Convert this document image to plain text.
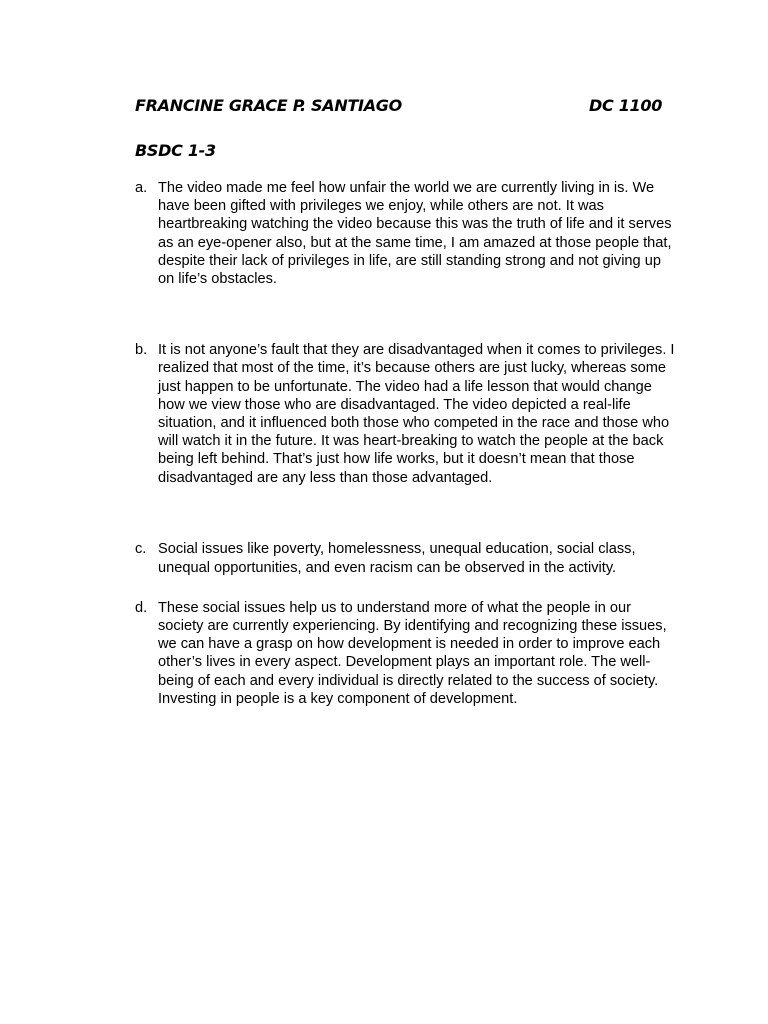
FRANCINE GRACE P. SANTIAGO	DC 1100
BSDC 1-3
a. The video made me feel how unfair the world we are currently living in is. We have been gifted with privileges we enjoy, while others are not. It was heartbreaking watching the video because this was the truth of life and it serves as an eye-opener also, but at the same time, I am amazed at those people that, despite their lack of privileges in life, are still standing strong and not giving up on life’s obstacles.
b. It is not anyone’s fault that they are disadvantaged when it comes to privileges. I realized that most of the time, it’s because others are just lucky, whereas some just happen to be unfortunate. The video had a life lesson that would change how we view those who are disadvantaged. The video depicted a real-life situation, and it influenced both those who competed in the race and those who will watch it in the future. It was heart-breaking to watch the people at the back being left behind. That’s just how life works, but it doesn’t mean that those disadvantaged are any less than those advantaged.
c. Social issues like poverty, homelessness, unequal education, social class, unequal opportunities, and even racism can be observed in the activity.
d. These social issues help us to understand more of what the people in our society are currently experiencing. By identifying and recognizing these issues, we can have a grasp on how development is needed in order to improve each other’s lives in every aspect. Development plays an important role. The well-being of each and every individual is directly related to the success of society. Investing in people is a key component of development.
